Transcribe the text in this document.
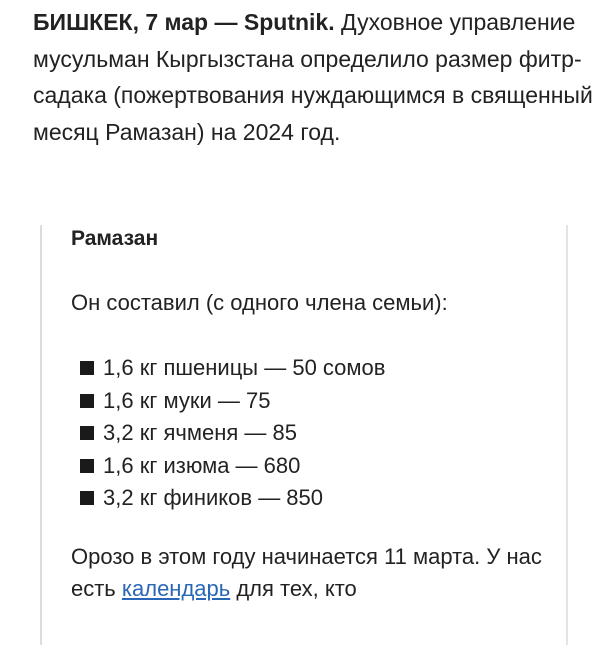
БИШКЕК, 7 мар — Sputnik. Духовное управление мусульман Кыргызстана определило размер фитр-садака (пожертвования нуждающимся в священный месяц Рамазан) на 2024 год.

Рамазан

Он составил (с одного члена семьи):

1,6 кг пшеницы — 50 сомов
1,6 кг муки — 75
3,2 кг ячменя — 85
1,6 кг изюма — 680
3,2 кг фиников — 850

Орозо в этом году начинается 11 марта. У нас есть календарь для тех, кто
